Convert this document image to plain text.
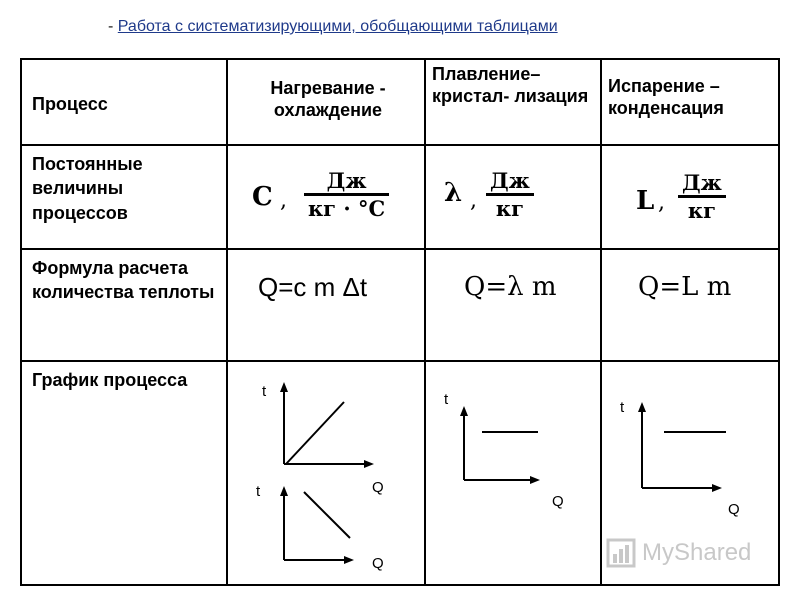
- Работа с систематизирующими, обобщающими таблицами
Процесс	Нагревание - охлаждение	Плавление– кристал- лизация	Испарение – конденсация

Постоянные величины процессов	C ,
Дж
кг · °C	λ ,
Дж
кг	L ,
Дж
кг

Формула расчета количества теплоты	Q=c m Δt	Q=λ m	Q=L m

График процесса	t
Q
t
Q	t
Q	t
Q
MyShared
